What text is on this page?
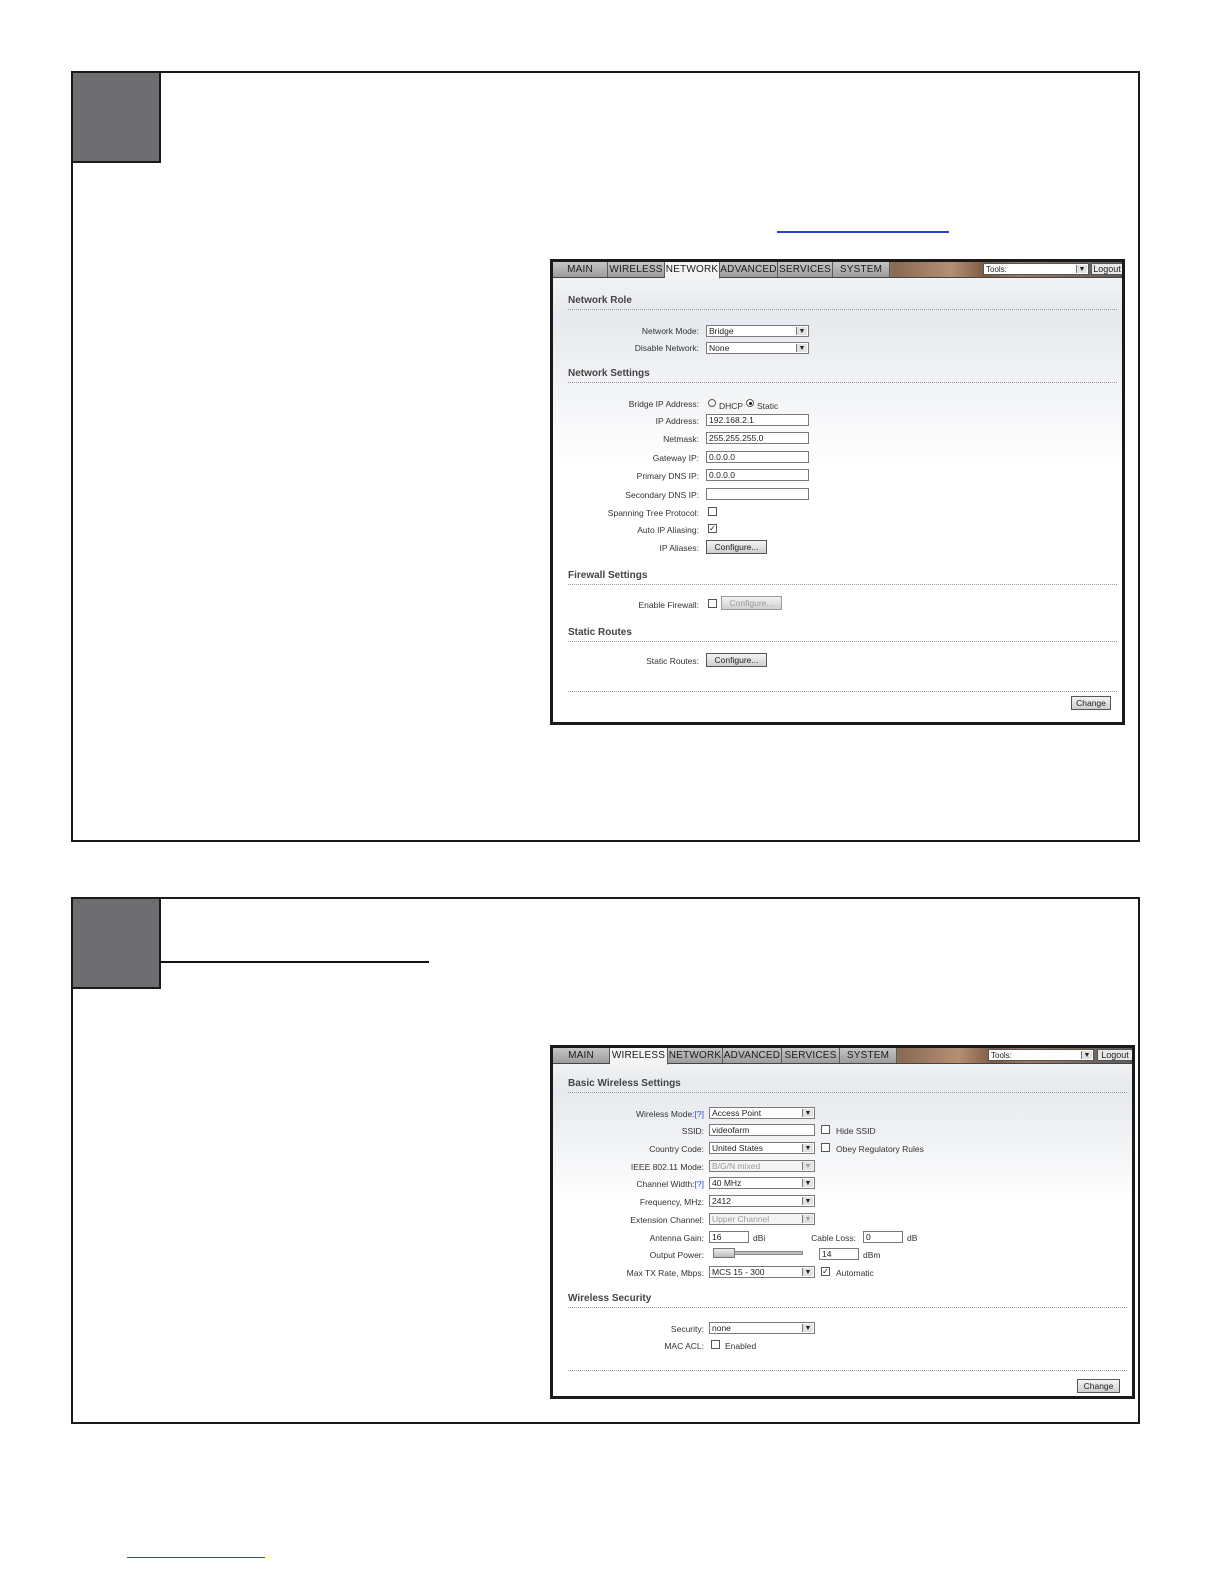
MAIN	WIRELESS NETWORK ADVANCED SERVICES SYSTEM	Tools:	▼ Logout
Network Role
Network Mode:	Bridge	▼
Disable Network:	None	▼
Network Settings
Bridge IP Address: DHCP Static
IP Address:	192.168.2.1
Netmask:	255.255.255.0
Gateway IP:	0.0.0.0
Primary DNS IP:	0.0.0.0
Secondary DNS IP:
Spanning Tree Protocol:
Auto IP Aliasing: ✓
IP Aliases:	Configure...
Firewall Settings
Enable Firewall:	Configure...
Static Routes
Static Routes:	Configure...
Change
MAIN	WIRELESS NETWORK ADVANCED SERVICES	SYSTEM	Tools:	▼	Logout
Basic Wireless Settings
Wireless Mode:[?] Access Point	▼
SSID: videofarm	Hide SSID
Country Code: United States	▼	Obey Regulatory Rules
IEEE 802.11 Mode: B/G/N mixed	▼
Channel Width:[?] 40 MHz	▼
Frequency, MHz: 2412	▼
Extension Channel: Upper Channel	▼
Antenna Gain: 16	dBi	Cable Loss:	0	dB
Output Power:	14	dBm
Max TX Rate, Mbps: MCS 15 - 300	▼ ✓ Automatic
Wireless Security
Security: none	▼
MAC ACL: Enabled
Change
